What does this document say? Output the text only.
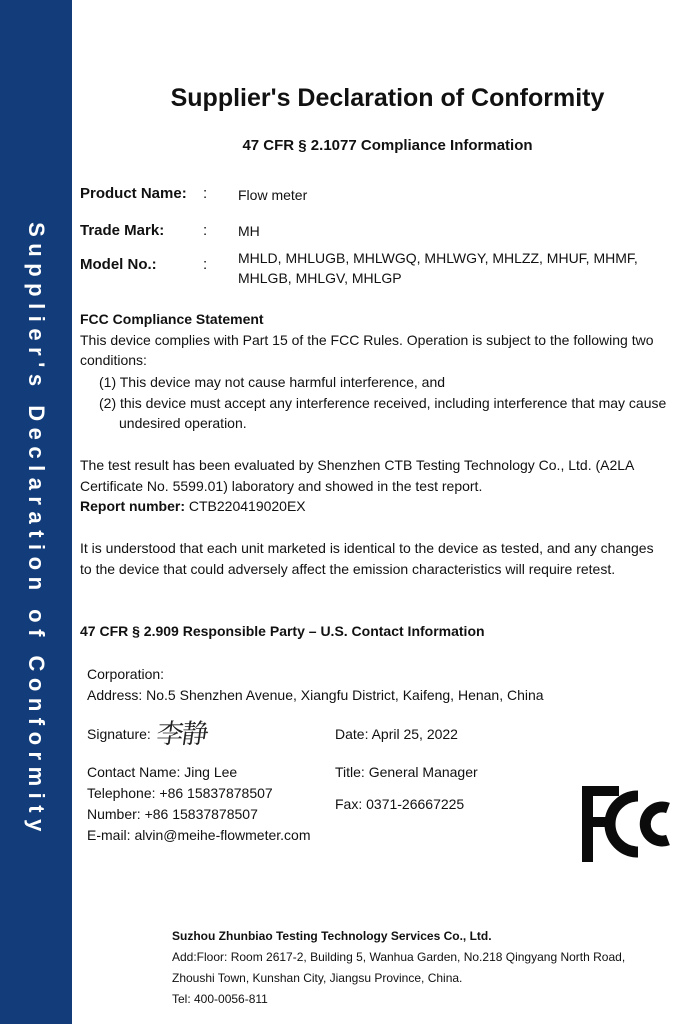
Supplier's Declaration of Conformity
Supplier's Declaration of Conformity
47 CFR § 2.1077 Compliance Information
Product Name: : Flow meter
Trade Mark:	: MH
Model No.:	: MHLD, MHLUGB, MHLWGQ, MHLWGY, MHLZZ, MHUF, MHMF,
MHLGB, MHLGV, MHLGP
FCC Compliance Statement
This device complies with Part 15 of the FCC Rules. Operation is subject to the following two
conditions:
(1) This device may not cause harmful interference, and
(2) this device must accept any interference received, including interference that may cause
undesired operation.
The test result has been evaluated by Shenzhen CTB Testing Technology Co., Ltd. (A2LA
Certificate No. 5599.01) laboratory and showed in the test report.
Report number: CTB220419020EX
It is understood that each unit marketed is identical to the device as tested, and any changes
to the device that could adversely affect the emission characteristics will require retest.
47 CFR § 2.909 Responsible Party – U.S. Contact Information
Corporation:
Address: No.5 Shenzhen Avenue, Xiangfu District, Kaifeng, Henan, China
Signature: 李静	Date: April 25, 2022
Contact Name: Jing Lee	Title: General Manager
Telephone: +86 15837878507
Fax: 0371-26667225
Number: +86 15837878507
E-mail: alvin@meihe-flowmeter.com
Suzhou Zhunbiao Testing Technology Services Co., Ltd.
Add:Floor: Room 2617-2, Building 5, Wanhua Garden, No.218 Qingyang North Road,
Zhoushi Town, Kunshan City, Jiangsu Province, China.
Tel: 400-0056-811
